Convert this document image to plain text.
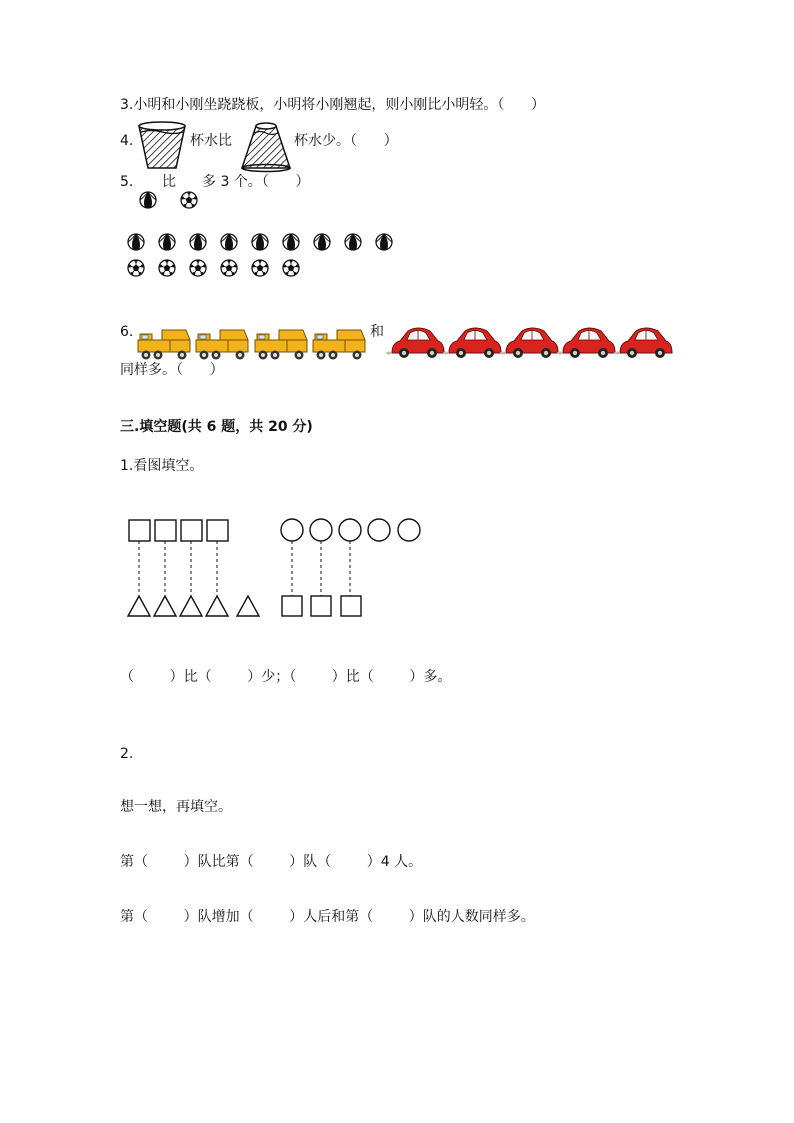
3.小明和小刚坐跷跷板，小明将小刚翘起，则小刚比小明轻。（      ）
4.	杯水比	杯水少。（      ）
5. 比 多 3 个。（      ）
6.	和
同样多。（      ）
三.填空题(共 6 题，共 20 分)
1.看图填空。
（        ）比（        ）少；（        ）比（        ）多。
2.
想一想，再填空。
第（        ）队比第（        ）队（        ）4 人。
第（        ）队增加（        ）人后和第（        ）队的人数同样多。
